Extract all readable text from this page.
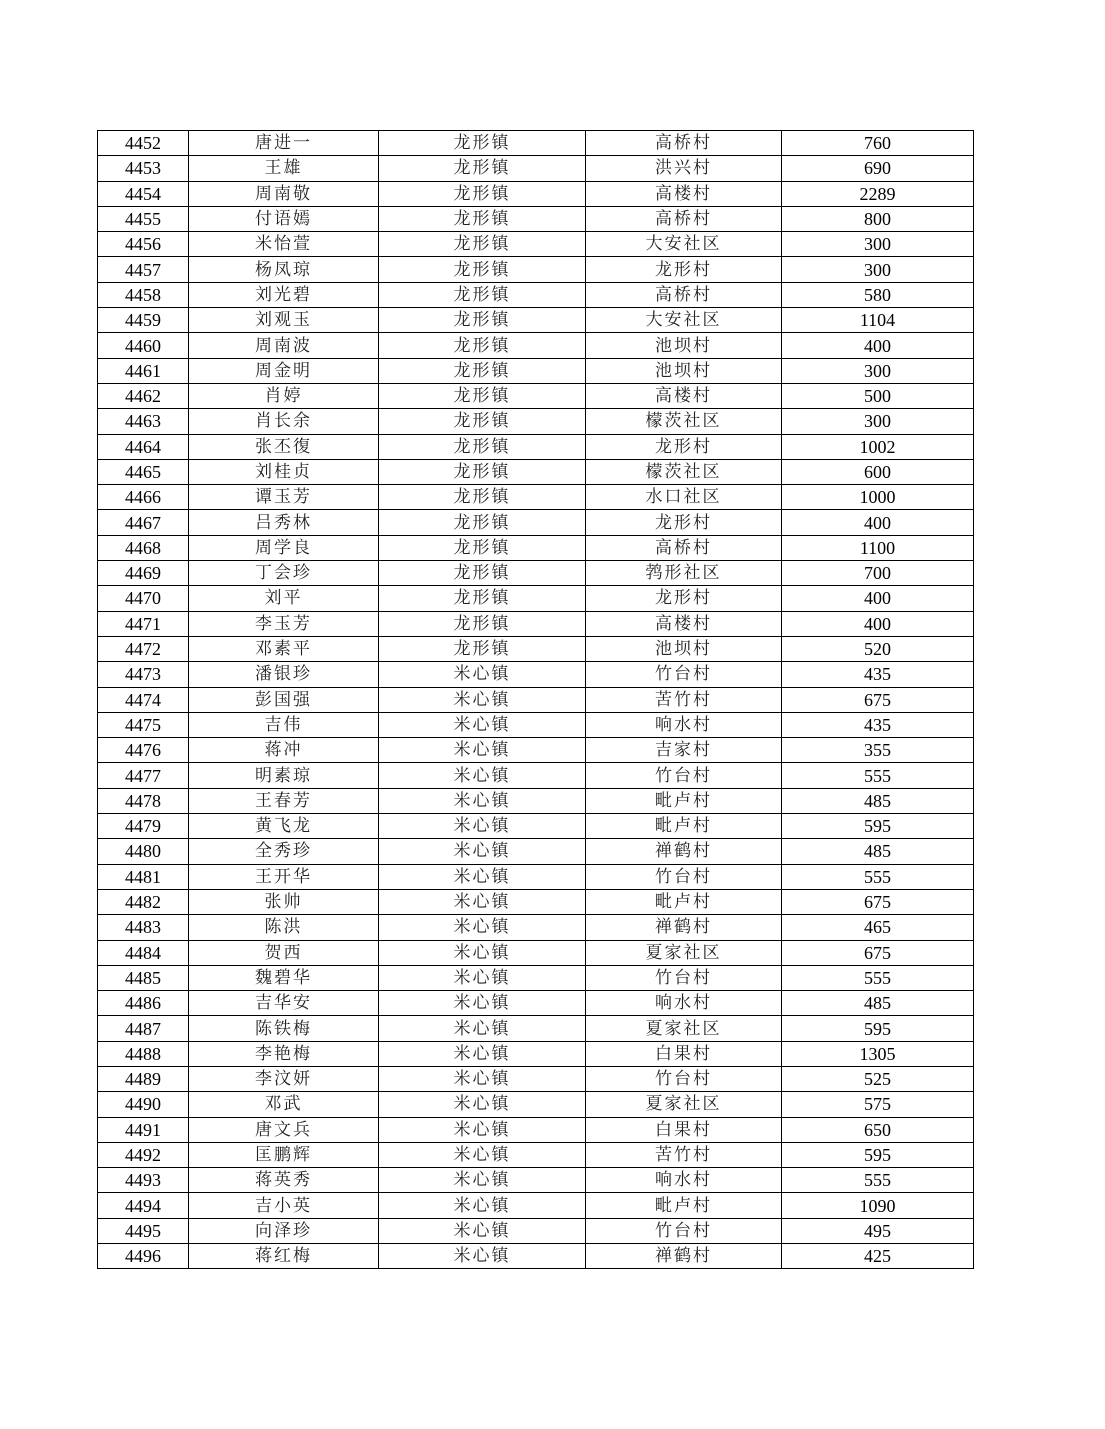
4452	唐进一	龙形镇	高桥村	760
4453	王雄	龙形镇	洪兴村	690
4454	周南敬	龙形镇	高楼村	2289
4455	付语嫣	龙形镇	高桥村	800
4456	米怡萱	龙形镇	大安社区	300
4457	杨凤琼	龙形镇	龙形村	300
4458	刘光碧	龙形镇	高桥村	580
4459	刘观玉	龙形镇	大安社区	1104
4460	周南波	龙形镇	池坝村	400
4461	周金明	龙形镇	池坝村	300
4462	肖婷	龙形镇	高楼村	500
4463	肖长余	龙形镇	檬茨社区	300
4464	张丕復	龙形镇	龙形村	1002
4465	刘桂贞	龙形镇	檬茨社区	600
4466	谭玉芳	龙形镇	水口社区	1000
4467	吕秀林	龙形镇	龙形村	400
4468	周学良	龙形镇	高桥村	1100
4469	丁会珍	龙形镇	鹁形社区	700
4470	刘平	龙形镇	龙形村	400
4471	李玉芳	龙形镇	高楼村	400
4472	邓素平	龙形镇	池坝村	520
4473	潘银珍	米心镇	竹台村	435
4474	彭国强	米心镇	苦竹村	675
4475	吉伟	米心镇	响水村	435
4476	蒋冲	米心镇	吉家村	355
4477	明素琼	米心镇	竹台村	555
4478	王春芳	米心镇	毗卢村	485
4479	黄飞龙	米心镇	毗卢村	595
4480	全秀珍	米心镇	禅鹤村	485
4481	王开华	米心镇	竹台村	555
4482	张帅	米心镇	毗卢村	675
4483	陈洪	米心镇	禅鹤村	465
4484	贺西	米心镇	夏家社区	675
4485	魏碧华	米心镇	竹台村	555
4486	吉华安	米心镇	响水村	485
4487	陈铁梅	米心镇	夏家社区	595
4488	李艳梅	米心镇	白果村	1305
4489	李汶妍	米心镇	竹台村	525
4490	邓武	米心镇	夏家社区	575
4491	唐文兵	米心镇	白果村	650
4492	匡鹏辉	米心镇	苦竹村	595
4493	蒋英秀	米心镇	响水村	555
4494	吉小英	米心镇	毗卢村	1090
4495	向泽珍	米心镇	竹台村	495
4496	蒋红梅	米心镇	禅鹤村	425
